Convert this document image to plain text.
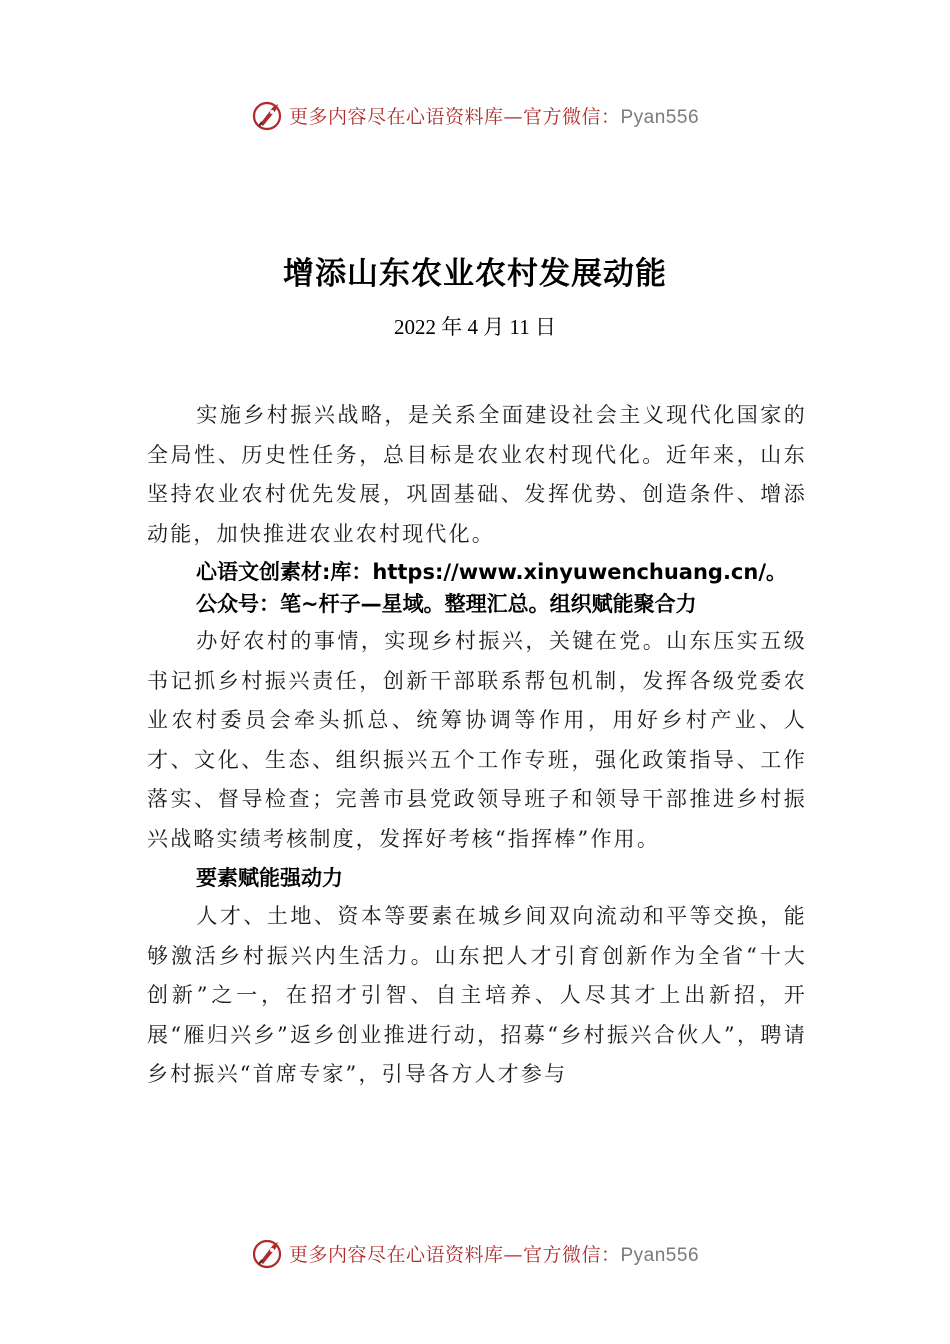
更多内容尽在心语资料库—官方微信：Pyan556
增添山东农业农村发展动能
2022 年 4 月 11 日

实施乡村振兴战略，是关系全面建设社会主义现代化国家的全局性、历史性任务，总目标是农业农村现代化。近年来，山东坚持农业农村优先发展，巩固基础、发挥优势、创造条件、增添动能，加快推进农业农村现代化。

心语文创素材:库：https://www.xinyuwenchuang.cn/。

公众号：笔~杆子—星域。整理汇总。组织赋能聚合力

办好农村的事情，实现乡村振兴，关键在党。山东压实五级书记抓乡村振兴责任，创新干部联系帮包机制，发挥各级党委农业农村委员会牵头抓总、统筹协调等作用，用好乡村产业、人才、文化、生态、组织振兴五个工作专班，强化政策指导、工作落实、督导检查；完善市县党政领导班子和领导干部推进乡村振兴战略实绩考核制度，发挥好考核“指挥棒”作用。

要素赋能强动力

人才、土地、资本等要素在城乡间双向流动和平等交换，能够激活乡村振兴内生活力。山东把人才引育创新作为全省“十大创新”之一，在招才引智、自主培养、人尽其才上出新招，开展“雁归兴乡”返乡创业推进行动，招募“乡村振兴合伙人”，聘请乡村振兴“首席专家”，引导各方人才参与

更多内容尽在心语资料库—官方微信：Pyan556
